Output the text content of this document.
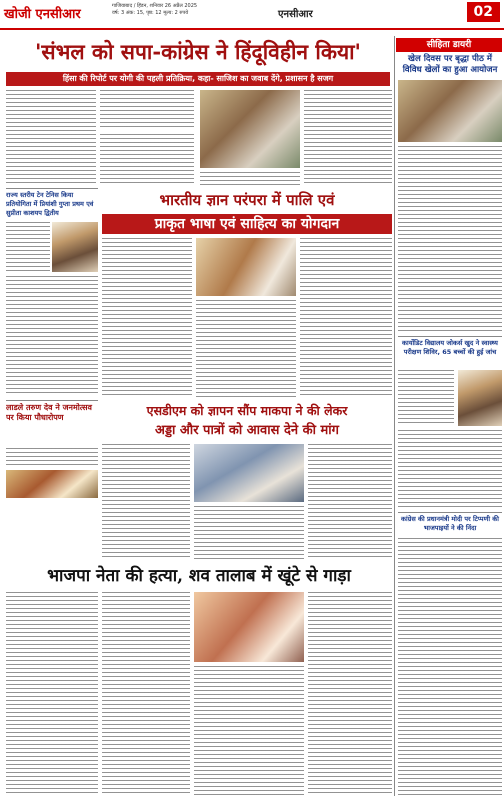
खोजी एनसीआर
गाजियाबाद / हिंडन, शनिवार 26 अप्रैल 2025
वर्ष: 3 अंक: 15, पृष्ठ: 12 मूल्य: 2 रुपये	एनसीआर	02
'संभल को सपा-कांग्रेस ने हिंदूविहीन किया'
हिंसा की रिपोर्ट पर योगी की पहली प्रतिक्रिया, कहा- साजिश का जवाब देंगे, प्रशासन है सजग
राज्य स्तरीय टेन टेनिस किया प्रतियोगिता में प्रियांशी गुप्ता प्रथम एवं सुप्रीता काशयप द्वितीय
भारतीय ज्ञान परंपरा में पालि एवं
प्राकृत भाषा एवं साहित्य का योगदान
लाडले तरुण देव ने जनमोत्सव पर किया पौधारोपण	एसडीएम को ज्ञापन सौंप माकपा ने की लेकर
अड्डा और पात्रों को आवास देने की मांग
भाजपा नेता की हत्या, शव तालाब में खूंटे से गाड़ा
सीहिता डायरी
खेल दिवस पर बृद्धा पीठ में विविध खेलों का हुआ आयोजन
कार्योडिट विद्यालय जोकर्स खुद ने स्वास्थ्य परीक्षण शिविर, 65 बच्चों की हुई जांच
कांग्रेस की प्रधानमंत्री मोदी पर टिप्पणी की भाजपाइयों ने की निंदा
